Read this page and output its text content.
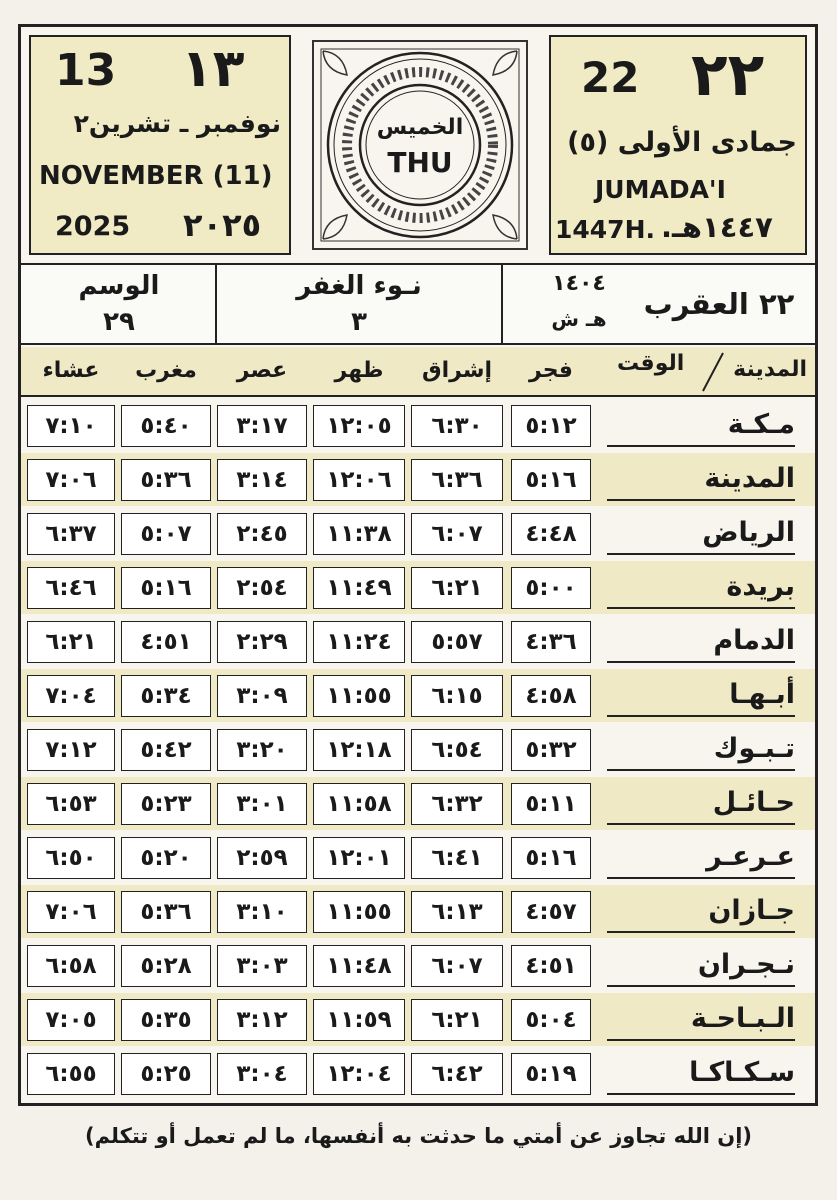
13 ١٣
نوفمبر ـ تشرين٢
NOVEMBER (11)
2025 ٢٠٢٥
الخميس
THU
22 ٢٢
جمادى الأولى (٥)
JUMADA'I
1447H. ١٤٤٧هـ.
الوسم
٢٩
نـوء الغفر
٣
١٤٠٤
هـ ش	٢٢ العقرب
عشاء	مغرب	عصر	ظهر	إشراق	فجر	المدينة
الوقت
٧:١٠	٥:٤٠	٣:١٧	١٢:٠٥	٦:٣٠	٥:١٢	مـكـة
٧:٠٦	٥:٣٦	٣:١٤	١٢:٠٦	٦:٣٦	٥:١٦	المدينة
٦:٣٧	٥:٠٧	٢:٤٥	١١:٣٨	٦:٠٧	٤:٤٨	الرياض
٦:٤٦	٥:١٦	٢:٥٤	١١:٤٩	٦:٢١	٥:٠٠	بريدة
٦:٢١	٤:٥١	٢:٢٩	١١:٢٤	٥:٥٧	٤:٣٦	الدمام
٧:٠٤	٥:٣٤	٣:٠٩	١١:٥٥	٦:١٥	٤:٥٨	أبـهـا
٧:١٢	٥:٤٢	٣:٢٠	١٢:١٨	٦:٥٤	٥:٣٢	تـبـوك
٦:٥٣	٥:٢٣	٣:٠١	١١:٥٨	٦:٣٢	٥:١١	حـائـل
٦:٥٠	٥:٢٠	٢:٥٩	١٢:٠١	٦:٤١	٥:١٦	عـرعـر
٧:٠٦	٥:٣٦	٣:١٠	١١:٥٥	٦:١٣	٤:٥٧	جـازان
٦:٥٨	٥:٢٨	٣:٠٣	١١:٤٨	٦:٠٧	٤:٥١	نـجـران
٧:٠٥	٥:٣٥	٣:١٢	١١:٥٩	٦:٢١	٥:٠٤	الـبـاحـة
٦:٥٥	٥:٢٥	٣:٠٤	١٢:٠٤	٦:٤٢	٥:١٩	سـكـاكـا
(إن الله تجاوز عن أمتي ما حدثت به أنفسها، ما لم تعمل أو تتكلم)
